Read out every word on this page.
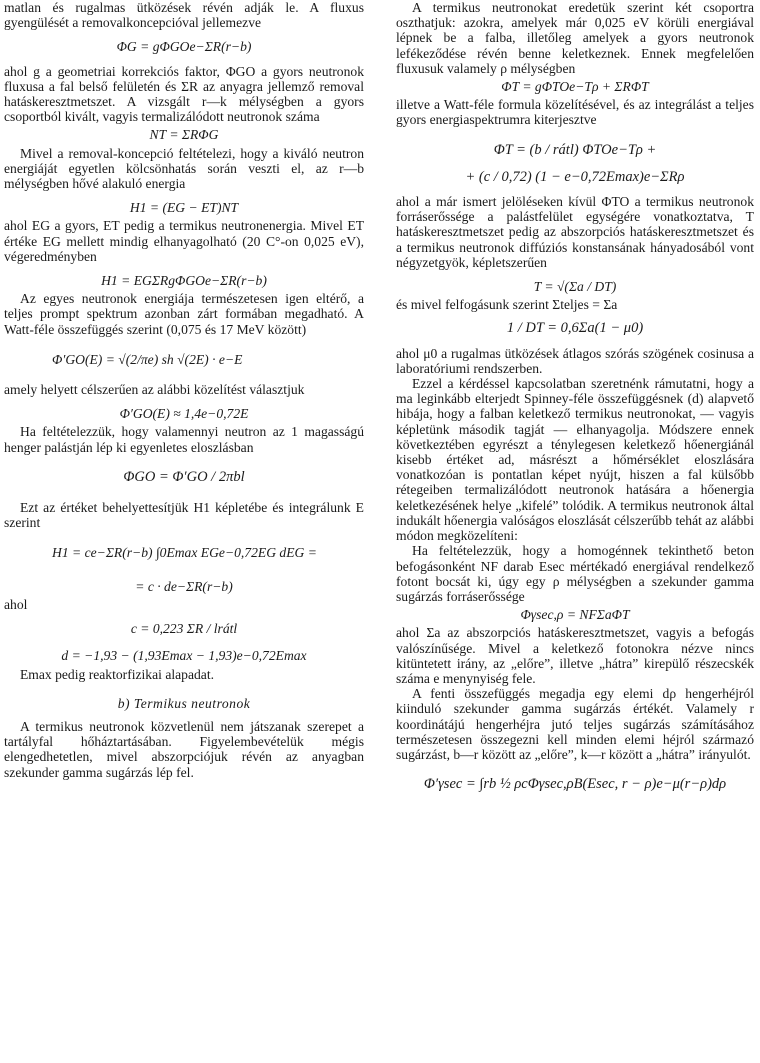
matlan és rugalmas ütközések révén adják le. A fluxus gyengülését a removalkoncepcióval jellemezve

ΦG = gΦGOe−ΣR(r−b)

ahol g a geometriai korrekciós faktor, ΦGO a gyors neutronok fluxusa a fal belső felületén és ΣR az anyagra jellemző removal hatáskeresztmetszet. A vizsgált r—k mélységben a gyors csoportból kivált, vagyis termalizálódott neutronok száma

NT = ΣRΦG

Mivel a removal-koncepció feltételezi, hogy a kiváló neutron energiáját egyetlen kölcsönhatás során veszti el, az r—b mélységben hővé alakuló energia

H1 = (EG − ET)NT

ahol EG a gyors, ET pedig a termikus neutronenergia. Mivel ET értéke EG mellett mindig elhanyagolható (20 C°-on 0,025 eV), végeredményben

H1 = EGΣRgΦGOe−ΣR(r−b)

Az egyes neutronok energiája természetesen igen eltérő, a teljes prompt spektrum azonban zárt formában megadható. A Watt-féle összefüggés szerint (0,075 és 17 MeV között)

Φ′GO(E) = √(2/πe) sh √(2E) · e−E

amely helyett célszerűen az alábbi közelítést választjuk

Φ′GO(E) ≈ 1,4e−0,72E

Ha feltételezzük, hogy valamennyi neutron az 1 magasságú henger palástján lép ki egyenletes eloszlásban

ΦGO = Φ′GO / 2πbl

Ezt az értéket behelyettesítjük H1 képletébe és integrálunk E szerint

H1 = ce−ΣR(r−b) ∫0Emax EGe−0,72EG dEG =

= c · de−ΣR(r−b)

ahol

c = 0,223 ΣR / lrátl

d = −1,93 − (1,93Emax − 1,93)e−0,72Emax

Emax pedig reaktorfizikai alapadat.

b) Termikus neutronok

A termikus neutronok közvetlenül nem játszanak szerepet a tartályfal hőháztartásában. Figyelembevételük mégis elengedhetetlen, mivel abszorpciójuk révén az anyagban szekunder gamma sugárzás lép fel.

A termikus neutronokat eredetük szerint két csoportra oszthatjuk: azokra, amelyek már 0,025 eV körüli energiával lépnek be a falba, illetőleg amelyek a gyors neutronok lefékeződése révén benne keletkeznek. Ennek megfelelően fluxusuk valamely ρ mélységben

ΦT = gΦTOe−Tρ + ΣRΦT

illetve a Watt-féle formula közelítésével, és az integrálást a teljes gyors energiaspektrumra kiterjesztve

ΦT = (b / rátl) ΦTOe−Tρ +

+ (c / 0,72) (1 − e−0,72Emax)e−ΣRρ

ahol a már ismert jelöléseken kívül ΦTO a termikus neutronok forráserőssége a palástfelület egységére vonatkoztatva, T hatáskeresztmetszet pedig az abszorpciós hatáskeresztmetszet és a termikus neutronok diffúziós konstansának hányadosából vont négyzetgyök, képletszerűen

T = √(Σa / DT)

és mivel felfogásunk szerint Σteljes = Σa

1 / DT = 0,6Σa(1 − μ0)

ahol μ0 a rugalmas ütközések átlagos szórás szögének cosinusa a laboratóriumi rendszerben.

Ezzel a kérdéssel kapcsolatban szeretnénk rámutatni, hogy a ma leginkább elterjedt Spinney-féle összefüggésnek (d) alapvető hibája, hogy a falban keletkező termikus neutronokat, — vagyis képletünk második tagját — elhanyagolja. Módszere ennek következtében egyrészt a ténylegesen keletkező hőenergiánál kisebb értéket ad, másrészt a hőmérséklet eloszlására vonatkozóan is pontatlan képet nyújt, hiszen a fal külsőbb rétegeiben termalizálódott neutronok hatására a hőenergia keletkezésének helye „kifelé” tolódik. A termikus neutronok által indukált hőenergia valóságos eloszlását célszerűbb tehát az alábbi módon megközelíteni:

Ha feltételezzük, hogy a homogénnek tekinthető beton befogásonként NF darab Esec mértékadó energiával rendelkező fotont bocsát ki, úgy egy ρ mélységben a szekunder gamma sugárzás forráserőssége

Φγsec,ρ = NFΣaΦT

ahol Σa az abszorpciós hatáskeresztmetszet, vagyis a befogás valószínűsége. Mivel a keletkező fotonokra nézve nincs kitüntetett irány, az „előre”, illetve „hátra” kirepülő részecskék száma e menynyiség fele.

A fenti összefüggés megadja egy elemi dρ hengerhéjról kiinduló szekunder gamma sugárzás értékét. Valamely r koordinátájú hengerhéjra jutó teljes sugárzás számításához természetesen összegezni kell minden elemi héjról származó sugárzást, b—r között az „előre”, k—r között a „hátra” irányulót.

Φ′γsec = ∫rb ½ ρcΦγsec,ρB(Esec, r − ρ)e−μ(r−ρ)dρ
